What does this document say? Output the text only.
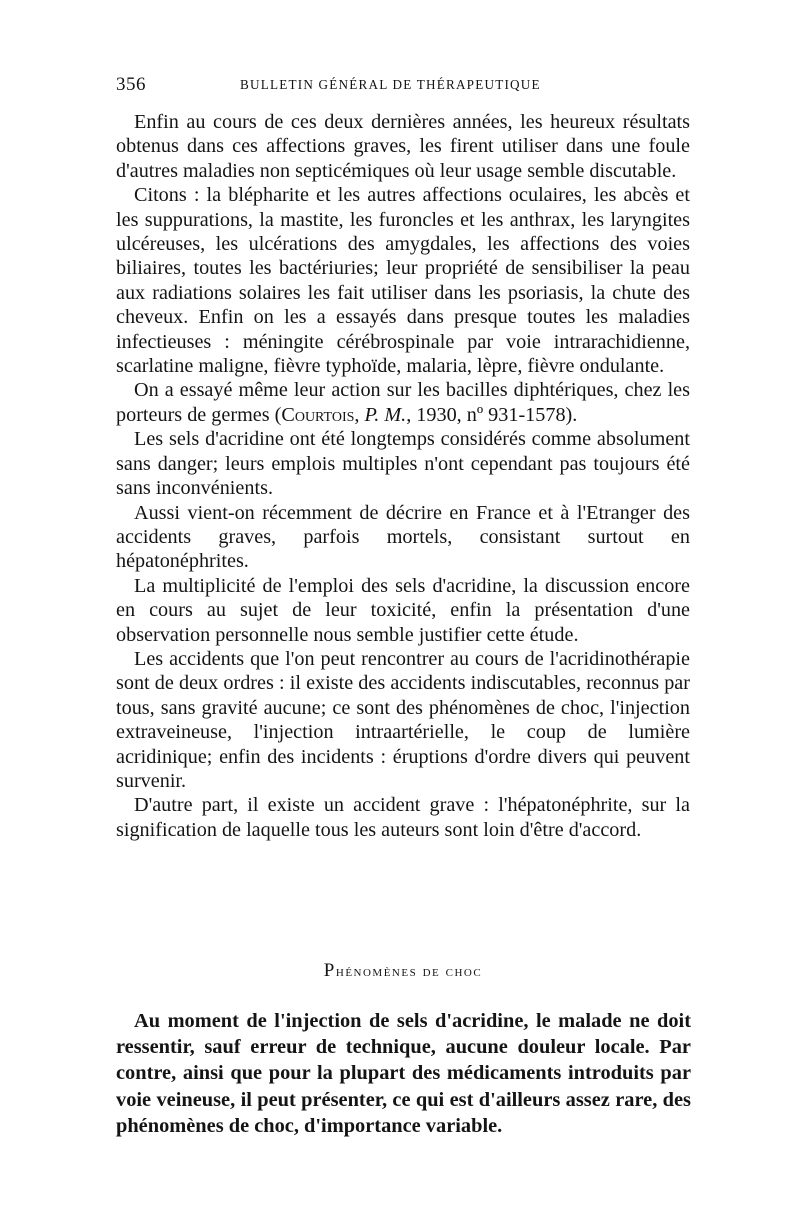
356	BULLETIN GÉNÉRAL DE THÉRAPEUTIQUE

Enfin au cours de ces deux dernières années, les heureux résultats obtenus dans ces affections graves, les firent utiliser dans une foule d'autres maladies non septicémiques où leur usage semble discutable.

Citons : la blépharite et les autres affections oculaires, les abcès et les suppurations, la mastite, les furoncles et les anthrax, les laryngites ulcéreuses, les ulcérations des amygdales, les affections des voies biliaires, toutes les bactériuries; leur propriété de sensibiliser la peau aux radiations solaires les fait utiliser dans les psoriasis, la chute des cheveux. Enfin on les a essayés dans presque toutes les maladies infectieuses : méningite cérébrospinale par voie intrarachidienne, scarlatine maligne, fièvre typhoïde, malaria, lèpre, fièvre ondulante.

On a essayé même leur action sur les bacilles diphtériques, chez les porteurs de germes (Courtois, P. M., 1930, nº 931-1578).

Les sels d'acridine ont été longtemps considérés comme absolument sans danger; leurs emplois multiples n'ont cependant pas toujours été sans inconvénients.

Aussi vient-on récemment de décrire en France et à l'Etranger des accidents graves, parfois mortels, consistant surtout en hépatonéphrites.

La multiplicité de l'emploi des sels d'acridine, la discussion encore en cours au sujet de leur toxicité, enfin la présentation d'une observation personnelle nous semble justifier cette étude.

Les accidents que l'on peut rencontrer au cours de l'acridinothérapie sont de deux ordres : il existe des accidents indiscutables, reconnus par tous, sans gravité aucune; ce sont des phénomènes de choc, l'injection extraveineuse, l'injection intraartérielle, le coup de lumière acridinique; enfin des incidents : éruptions d'ordre divers qui peuvent survenir.

D'autre part, il existe un accident grave : l'hépatonéphrite, sur la signification de laquelle tous les auteurs sont loin d'être d'accord.

Phénomènes de choc

Au moment de l'injection de sels d'acridine, le malade ne doit ressentir, sauf erreur de technique, aucune douleur locale. Par contre, ainsi que pour la plupart des médicaments introduits par voie veineuse, il peut présenter, ce qui est d'ailleurs assez rare, des phénomènes de choc, d'importance variable.
